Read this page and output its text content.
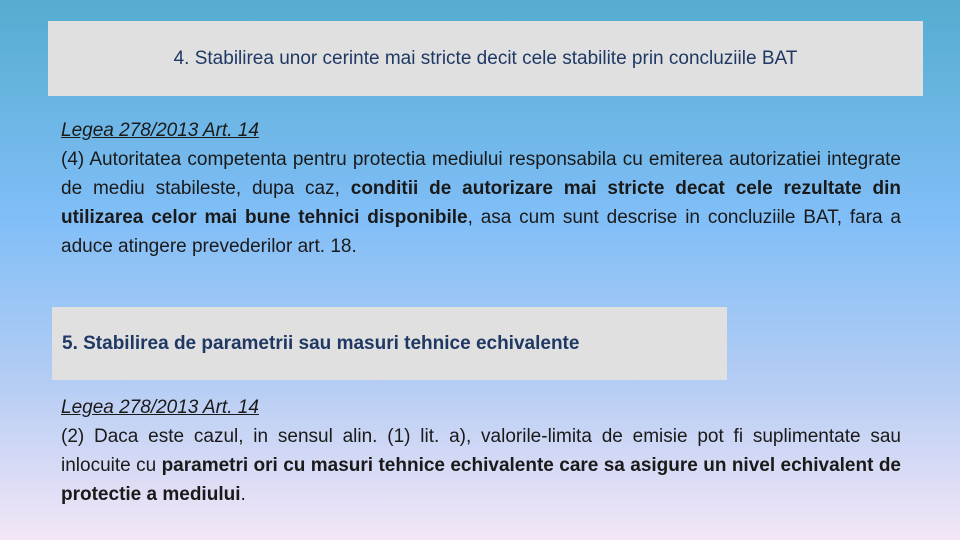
4. Stabilirea unor cerinte mai stricte decit cele stabilite prin concluziile BAT
Legea 278/2013 Art. 14
(4) Autoritatea competenta pentru protectia mediului responsabila cu emiterea autorizatiei integrate de mediu stabileste, dupa caz, conditii de autorizare mai stricte decat cele rezultate din utilizarea celor mai bune tehnici disponibile, asa cum sunt descrise in concluziile BAT, fara a aduce atingere prevederilor art. 18.
5. Stabilirea de parametrii sau masuri tehnice echivalente
Legea 278/2013 Art. 14
(2) Daca este cazul, in sensul alin. (1) lit. a), valorile-limita de emisie pot fi suplimentate sau inlocuite cu parametri ori cu masuri tehnice echivalente care sa asigure un nivel echivalent de protectie a mediului.
